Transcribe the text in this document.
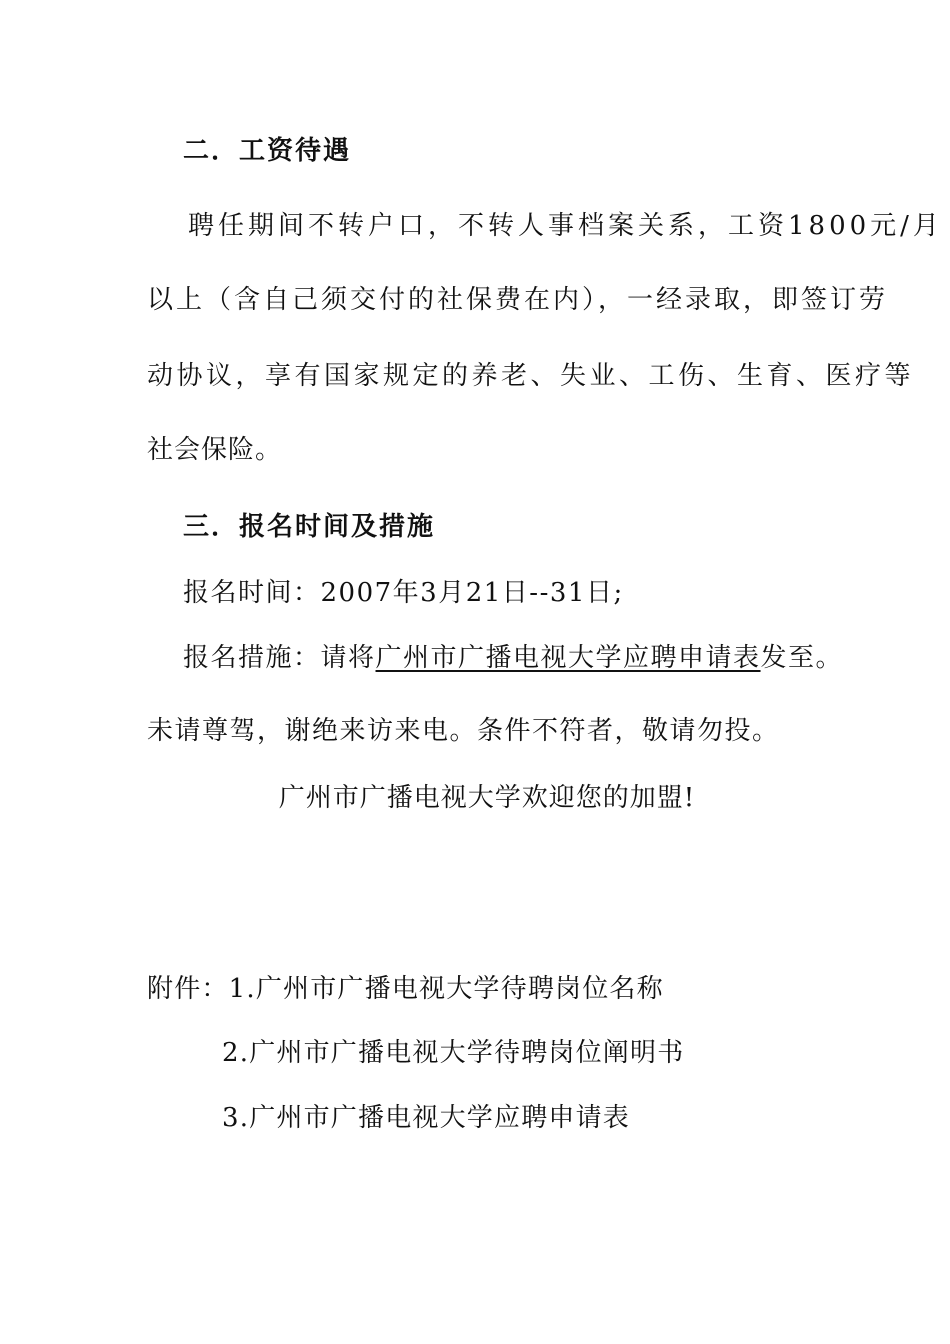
二．工资待遇
聘任期间不转户口，不转人事档案关系，工资1800元/月
以上（含自己须交付的社保费在内），一经录取，即签订劳
动协议，享有国家规定的养老、失业、工伤、生育、医疗等
社会保险。
三．报名时间及措施
报名时间：2007年3月21日--31日;
报名措施：请将广州市广播电视大学应聘申请表发至。
未请尊驾，谢绝来访来电。条件不符者，敬请勿投。
广州市广播电视大学欢迎您的加盟!
附件：1.广州市广播电视大学待聘岗位名称
2.广州市广播电视大学待聘岗位阐明书
3.广州市广播电视大学应聘申请表
